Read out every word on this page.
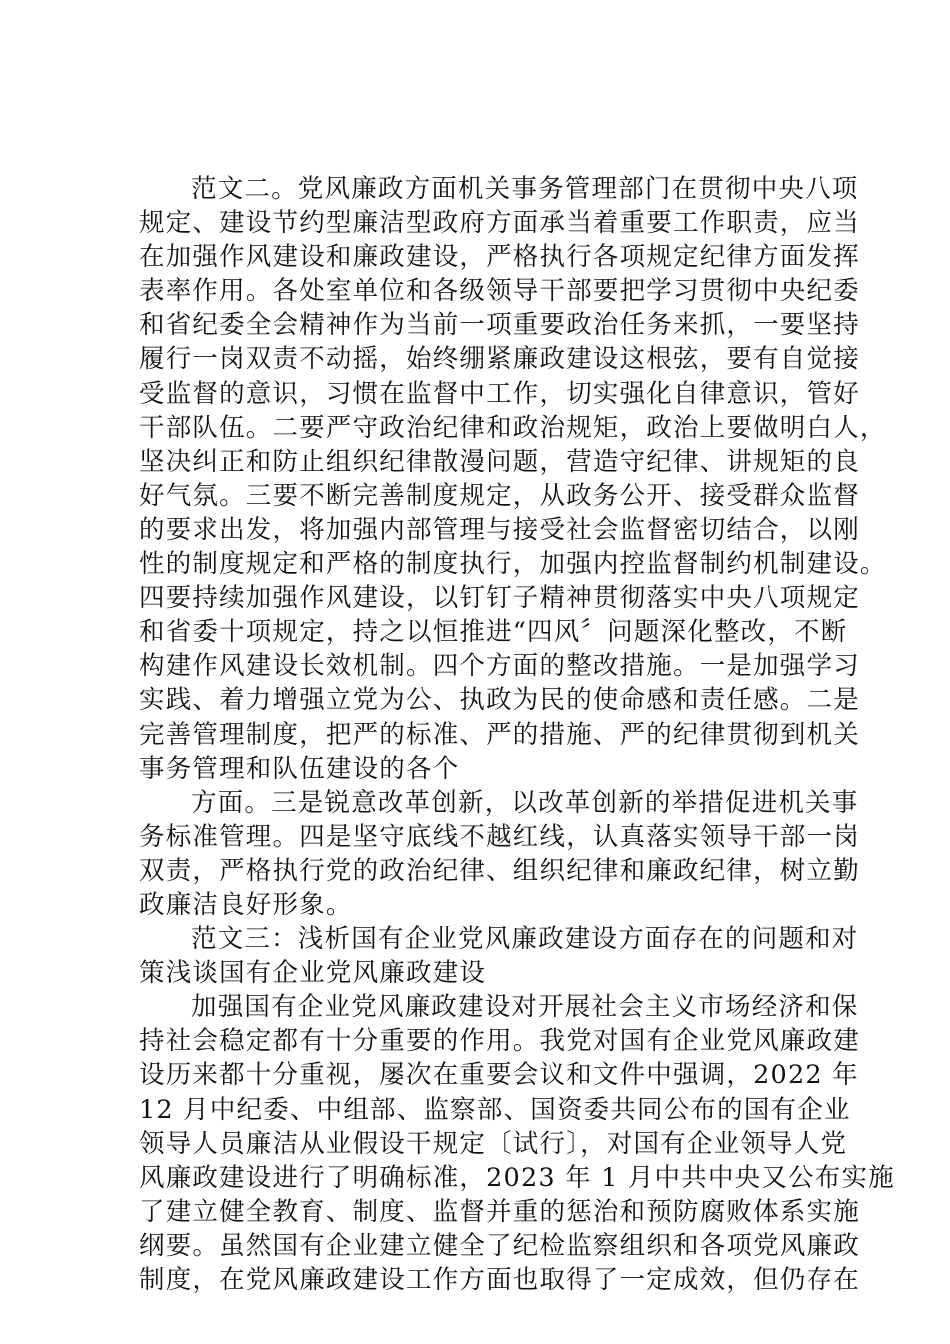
范文二。党风廉政方面机关事务管理部门在贯彻中央八项
规定、建设节约型廉洁型政府方面承当着重要工作职责，应当
在加强作风建设和廉政建设，严格执行各项规定纪律方面发挥
表率作用。各处室单位和各级领导干部要把学习贯彻中央纪委
和省纪委全会精神作为当前一项重要政治任务来抓，一要坚持
履行一岗双责不动摇，始终绷紧廉政建设这根弦，要有自觉接
受监督的意识，习惯在监督中工作，切实强化自律意识，管好
干部队伍。二要严守政治纪律和政治规矩，政治上要做明白人，
坚决纠正和防止组织纪律散漫问题，营造守纪律、讲规矩的良
好气氛。三要不断完善制度规定，从政务公开、接受群众监督
的要求出发，将加强内部管理与接受社会监督密切结合，以刚
性的制度规定和严格的制度执行，加强内控监督制约机制建设。
四要持续加强作风建设，以钉钉子精神贯彻落实中央八项规定
和省委十项规定，持之以恒推进“四风〞问题深化整改，不断
构建作风建设长效机制。四个方面的整改措施。一是加强学习
实践、着力增强立党为公、执政为民的使命感和责任感。二是
完善管理制度，把严的标准、严的措施、严的纪律贯彻到机关
事务管理和队伍建设的各个
方面。三是锐意改革创新，以改革创新的举措促进机关事
务标准管理。四是坚守底线不越红线，认真落实领导干部一岗
双责，严格执行党的政治纪律、组织纪律和廉政纪律，树立勤
政廉洁良好形象。
范文三：浅析国有企业党风廉政建设方面存在的问题和对
策浅谈国有企业党风廉政建设
加强国有企业党风廉政建设对开展社会主义市场经济和保
持社会稳定都有十分重要的作用。我党对国有企业党风廉政建
设历来都十分重视，屡次在重要会议和文件中强调，2022 年
12 月中纪委、中组部、监察部、国资委共同公布的国有企业
领导人员廉洁从业假设干规定〔试行〕，对国有企业领导人党
风廉政建设进行了明确标准，2023 年 1 月中共中央又公布实施
了建立健全教育、制度、监督并重的惩治和预防腐败体系实施
纲要。虽然国有企业建立健全了纪检监察组织和各项党风廉政
制度，在党风廉政建设工作方面也取得了一定成效，但仍存在
